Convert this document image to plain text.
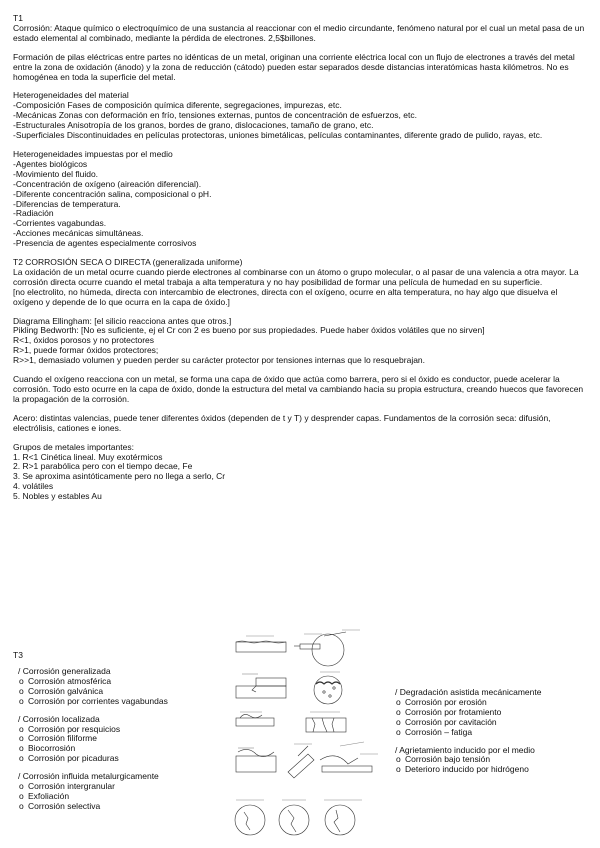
T1

Corrosión: Ataque químico o electroquímico de una sustancia al reaccionar con el medio circundante, fenómeno natural por el cual un metal pasa de un estado elemental al combinado, mediante la pérdida de electrones. 2,5$billones.

Formación de pilas eléctricas entre partes no idénticas de un metal, originan una corriente eléctrica local con un flujo de electrones a través del metal entre la zona de oxidación (ánodo) y la zona de reducción (cátodo) pueden estar separados desde distancias interatómicas hasta kilómetros. No es homogénea en toda la superficie del metal.

Heterogeneidades del material

-Composición Fases de composición química diferente, segregaciones, impurezas, etc.

-Mecánicas Zonas con deformación en frío, tensiones externas, puntos de concentración de esfuerzos, etc.

-Estructurales Anisotropía de los granos, bordes de grano, dislocaciones, tamaño de grano, etc.

-Superficiales Discontinuidades en películas protectoras, uniones bimetálicas, películas contaminantes, diferente grado de pulido, rayas, etc.

Heterogeneidades impuestas por el medio

-Agentes biológicos

-Movimiento del fluido.

-Concentración de oxígeno (aireación diferencial).

-Diferente concentración salina, composicional o pH.

-Diferencias de temperatura.

-Radiación

-Corrientes vagabundas.

-Acciones mecánicas simultáneas.

-Presencia de agentes especialmente corrosivos

T2 CORROSIÓN SECA O DIRECTA (generalizada uniforme)

La oxidación de un metal ocurre cuando pierde electrones al combinarse con un átomo o grupo molecular, o al pasar de una valencia a otra mayor. La corrosión directa ocurre cuando el metal trabaja a alta temperatura y no hay posibilidad de formar una película de humedad en su superficie.

[no electrolito, no húmeda, directa con intercambio de electrones, directa con el oxígeno, ocurre en alta temperatura, no hay algo que disuelva el oxígeno y depende de lo que ocurra en la capa de óxido.]

Diagrama Ellingham: [el silicio reacciona antes que otros.]

Pikling Bedworth: [No es suficiente, ej el Cr con 2 es bueno por sus propiedades. Puede haber óxidos volátiles que no sirven]

R<1, óxidos porosos y no protectores

R>1, puede formar óxidos protectores;

R>>1, demasiado volumen y pueden perder su carácter protector por tensiones internas que lo resquebrajan.

Cuando el oxígeno reacciona con un metal, se forma una capa de óxido que actúa como barrera, pero si el óxido es conductor, puede acelerar la corrosión. Todo esto ocurre en la capa de óxido, donde la estructura del metal va cambiando hacia su propia estructura, creando huecos que favorecen la propagación de la corrosión.

Acero: distintas valencias, puede tener diferentes óxidos (dependen de t y T) y desprender capas. Fundamentos de la corrosión seca: difusión, electrólisis, cationes e iones.

Grupos de metales importantes:

1. R<1 Cinética lineal. Muy exotérmicos

2. R>1 parabólica pero con el tiempo decae, Fe

3. Se aproxima asintóticamente pero no llega a serlo, Cr

4. volátiles

5. Nobles y estables Au

T3

/ Corrosión generalizada

o Corrosión atmosférica
o Corrosión galvánica
o Corrosión por corrientes vagabundas

/ Corrosión localizada

o Corrosión por resquicios
o Corrosión filiforme
o Biocorrosión
o Corrosión por picaduras

/ Corrosión influida metalurgicamente

o Corrosión intergranular
o Exfoliación
o Corrosión selectiva

/ Degradación asistida mecánicamente

o Corrosión por erosión
o Corrosión por frotamiento
o Corrosión por cavitación
o Corrosión – fatiga

/ Agrietamiento inducido por el medio

o Corrosión bajo tensión
o Deterioro inducido por hidrógeno
